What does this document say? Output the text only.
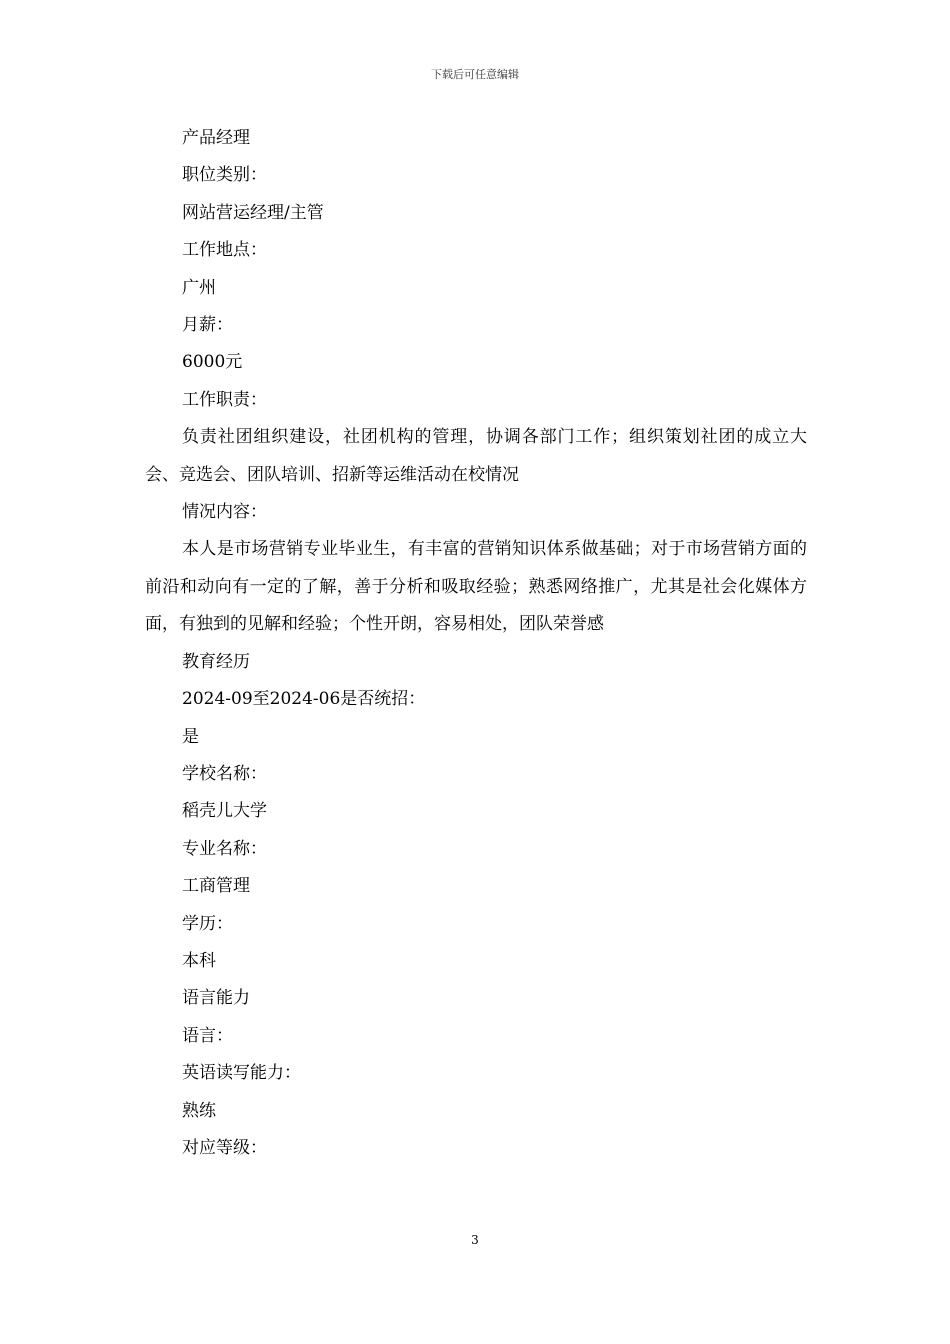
下载后可任意编辑

产品经理

职位类别：

网站营运经理/主管

工作地点：

广州

月薪：

6000元

工作职责：

负责社团组织建设，社团机构的管理，协调各部门工作；组织策划社团的成立大会、竞选会、团队培训、招新等运维活动在校情况

情况内容：

本人是市场营销专业毕业生，有丰富的营销知识体系做基础；对于市场营销方面的前沿和动向有一定的了解，善于分析和吸取经验；熟悉网络推广，尤其是社会化媒体方面，有独到的见解和经验；个性开朗，容易相处，团队荣誉感

教育经历

2024-09至2024-06是否统招：

是

学校名称：

稻壳儿大学

专业名称：

工商管理

学历：

本科

语言能力

语言：

英语读写能力：

熟练

对应等级：

3
